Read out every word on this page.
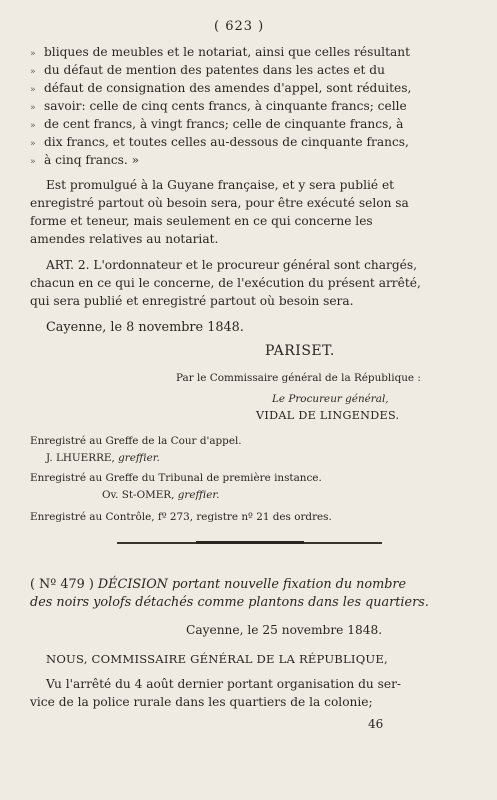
( 623 )
» bliques de meubles et le notariat, ainsi que celles résultant
» du défaut de mention des patentes dans les actes et du
» défaut de consignation des amendes d'appel, sont réduites,
» savoir: celle de cinq cents francs, à cinquante francs; celle
» de cent francs, à vingt francs; celle de cinquante francs, à
» dix francs, et toutes celles au-dessous de cinquante francs,
» à cinq francs. »
Est promulgué à la Guyane française, et y sera publié et
enregistré partout où besoin sera, pour être exécuté selon sa
forme et teneur, mais seulement en ce qui concerne les
amendes relatives au notariat.
ART. 2. L'ordonnateur et le procureur général sont chargés,
chacun en ce qui le concerne, de l'exécution du présent arrêté,
qui sera publié et enregistré partout où besoin sera.
Cayenne, le 8 novembre 1848.
PARISET.
Par le Commissaire général de la République :
Le Procureur général,
VIDAL DE LINGENDES.
Enregistré au Greffe de la Cour d'appel.
J. LHUERRE, greffier.
Enregistré au Greffe du Tribunal de première instance.
Ov. St-OMER, greffier.
Enregistré au Contrôle, fº 273, registre nº 21 des ordres.
( Nº 479 ) DÉCISION portant nouvelle fixation du nombre
des noirs yolofs détachés comme plantons dans les quartiers.
Cayenne, le 25 novembre 1848.
NOUS, COMMISSAIRE GÉNÉRAL DE LA RÉPUBLIQUE,
Vu l'arrêté du 4 août dernier portant organisation du ser-
vice de la police rurale dans les quartiers de la colonie;
46
